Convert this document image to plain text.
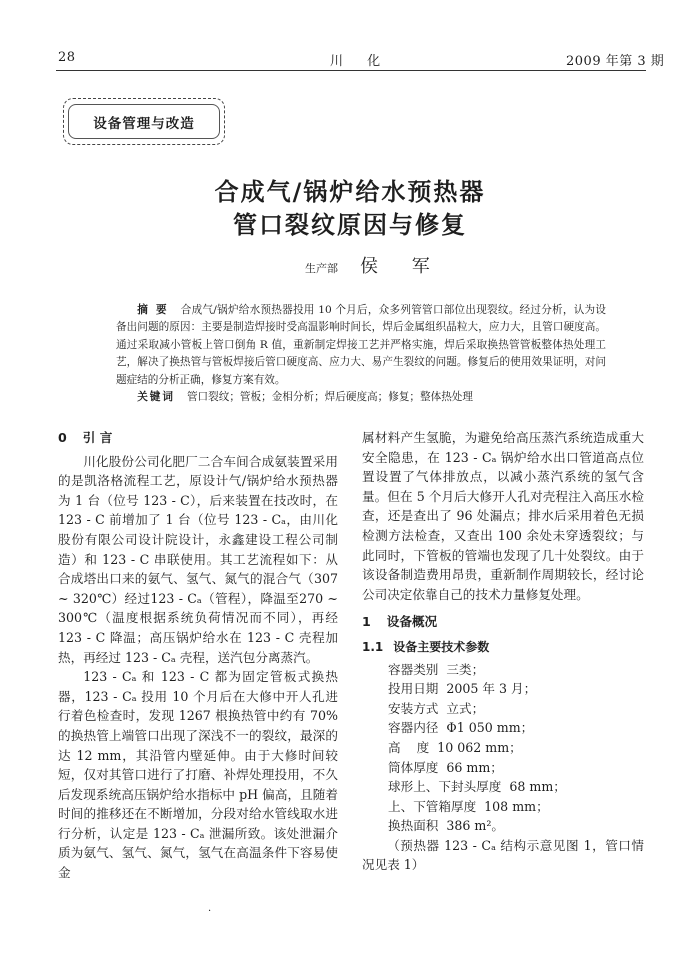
28	川 化	2009 年第 3 期
设备管理与改造
合成气/锅炉给水预热器
管口裂纹原因与修复
生产部 侯 军

摘 要 合成气/锅炉给水预热器投用 10 个月后，众多列管管口部位出现裂纹。经过分析，认为设备出问题的原因：主要是制造焊接时受高温影响时间长，焊后金属组织晶粒大，应力大，且管口硬度高。通过采取减小管板上管口倒角 R 值，重新制定焊接工艺并严格实施，焊后采取换热管管板整体热处理工艺，解决了换热管与管板焊接后管口硬度高、应力大、易产生裂纹的问题。修复后的使用效果证明，对问题症结的分析正确，修复方案有效。

关键词 管口裂纹；管板；金相分析；焊后硬度高；修复；整体热处理

0 引 言

川化股份公司化肥厂二合车间合成氨装置采用的是凯洛格流程工艺，原设计气/锅炉给水预热器为 1 台（位号 123 - C），后来装置在技改时，在 123 - C 前增加了 1 台（位号 123 - Cₐ，由川化股份有限公司设计院设计，永鑫建设工程公司制造）和 123 - C 串联使用。其工艺流程如下：从合成塔出口来的氨气、氢气、氮气的混合气（307 ~ 320℃）经过123 - Cₐ（管程），降温至270 ~ 300℃（温度根据系统负荷情况而不同），再经 123 - C 降温；高压锅炉给水在 123 - C 壳程加热，再经过 123 - Cₐ 壳程，送汽包分离蒸汽。

123 - Cₐ 和 123 - C 都为固定管板式换热器，123 - Cₐ 投用 10 个月后在大修中开人孔进行着色检查时，发现 1267 根换热管中约有 70% 的换热管上端管口出现了深浅不一的裂纹，最深的达 12 mm，其沿管内壁延伸。由于大修时间较短，仅对其管口进行了打磨、补焊处理投用，不久后发现系统高压锅炉给水指标中 pH 偏高，且随着时间的推移还在不断增加，分段对给水管线取水进行分析，认定是 123 - Cₐ 泄漏所致。该处泄漏介质为氨气、氢气、氮气，氢气在高温条件下容易使金

属材料产生氢脆，为避免给高压蒸汽系统造成重大安全隐患，在 123 - Cₐ 锅炉给水出口管道高点位置设置了气体排放点，以减小蒸汽系统的氢气含量。但在 5 个月后大修开人孔对壳程注入高压水检查，还是查出了 96 处漏点；排水后采用着色无损检测方法检查，又查出 100 余处未穿透裂纹；与此同时，下管板的管端也发现了几十处裂纹。由于该设备制造费用昂贵，重新制作周期较长，经讨论公司决定依靠自己的技术力量修复处理。

1 设备概况
1.1 设备主要技术参数
容器类别 三类；
投用日期 2005 年 3 月；
安装方式 立式；
容器内径 Φ1 050 mm；
高    度 10 062 mm；
筒体厚度 66 mm；
球形上、下封头厚度 68 mm；
上、下管箱厚度 108 mm；
换热面积 386 m²。

（预热器 123 - Cₐ 结构示意见图 1，管口情况见表 1）

·
